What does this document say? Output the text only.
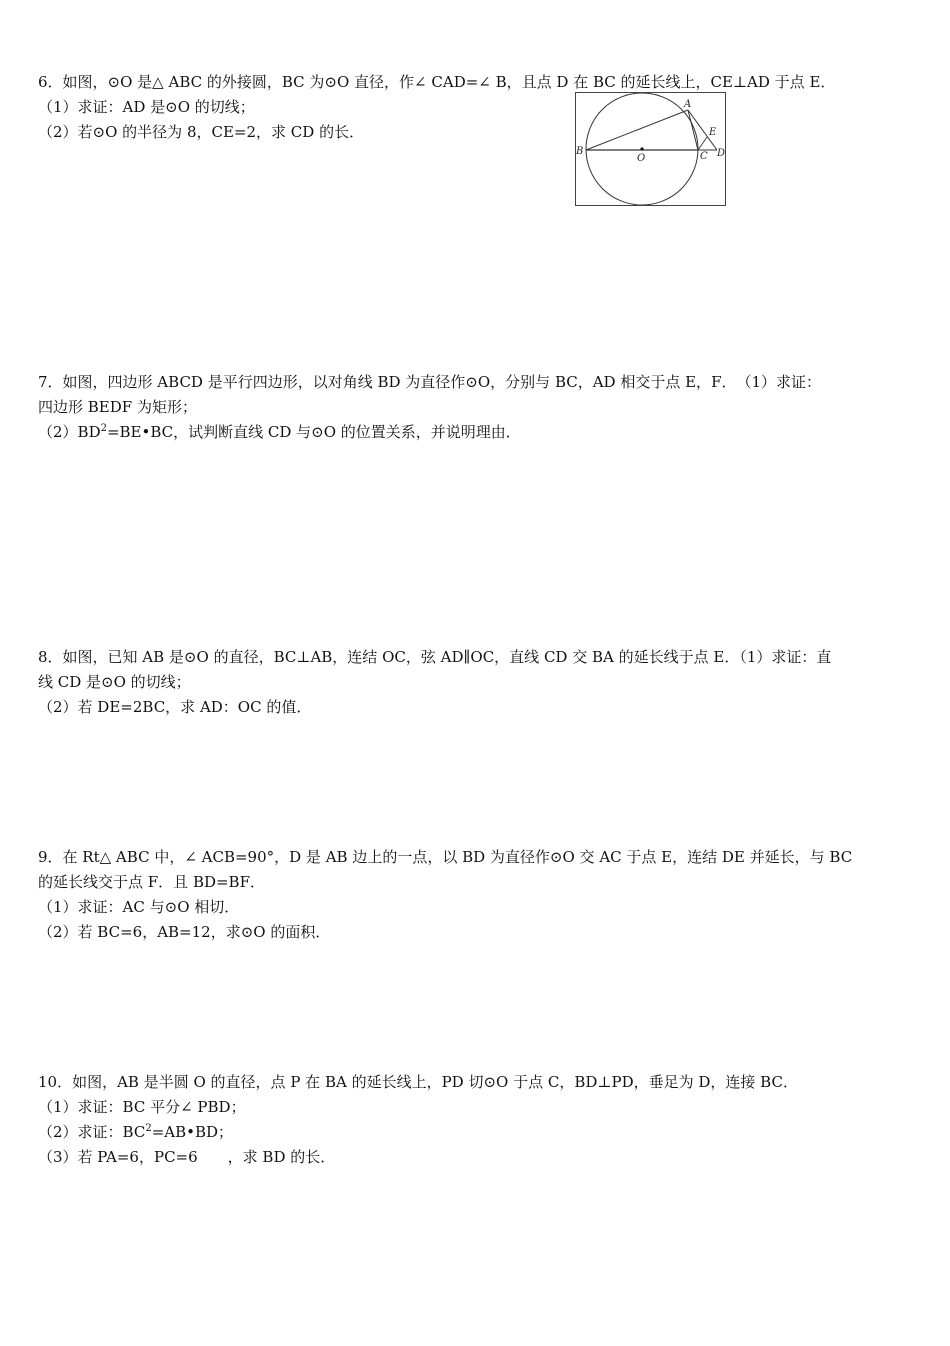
6．如图，⊙O 是△ ABC 的外接圆，BC 为⊙O 直径，作∠ CAD=∠ B，且点 D 在 BC 的延长线上，CE⊥AD 于点 E．
（1）求证：AD 是⊙O 的切线；
（2）若⊙O 的半径为 8，CE=2，求 CD 的长．
B
O
A
E
C D
7．如图，四边形 ABCD 是平行四边形，以对角线 BD 为直径作⊙O，分别与 BC，AD 相交于点 E，F．　（1）求证：
四边形 BEDF 为矩形；
$(2)BD^2=BE•BC$，试判断直线 CD 与⊙O 的位置关系，并说明理由．
8．如图，已知 AB 是⊙O 的直径，BC⊥AB，连结 OC，弦 AD∥OC，直线 CD 交 BA 的延长线于点 E．（1）求证：直
线 CD 是⊙O 的切线；
（2）若 DE=2BC，求 AD：OC 的值．
9．在 Rt△ ABC 中，∠ ACB=90°，D 是 AB 边上的一点，以 BD 为直径作⊙O 交 AC 于点 E，连结 DE 并延长，与 BC
的延长线交于点 F．且 BD=BF．
（1）求证：AC 与⊙O 相切．
（2）若 BC=6，AB=12，求⊙O 的面积．
10．如图，AB 是半圆 O 的直径，点 P 在 BA 的延长线上，PD 切⊙O 于点 C，BD⊥PD，垂足为 D，连接 BC．
（1）求证：BC 平分∠ PBD；
（2）求证：$BC^2=AB•BD$；
（3）若 PA=6，PC=6　　，求 BD 的长．
